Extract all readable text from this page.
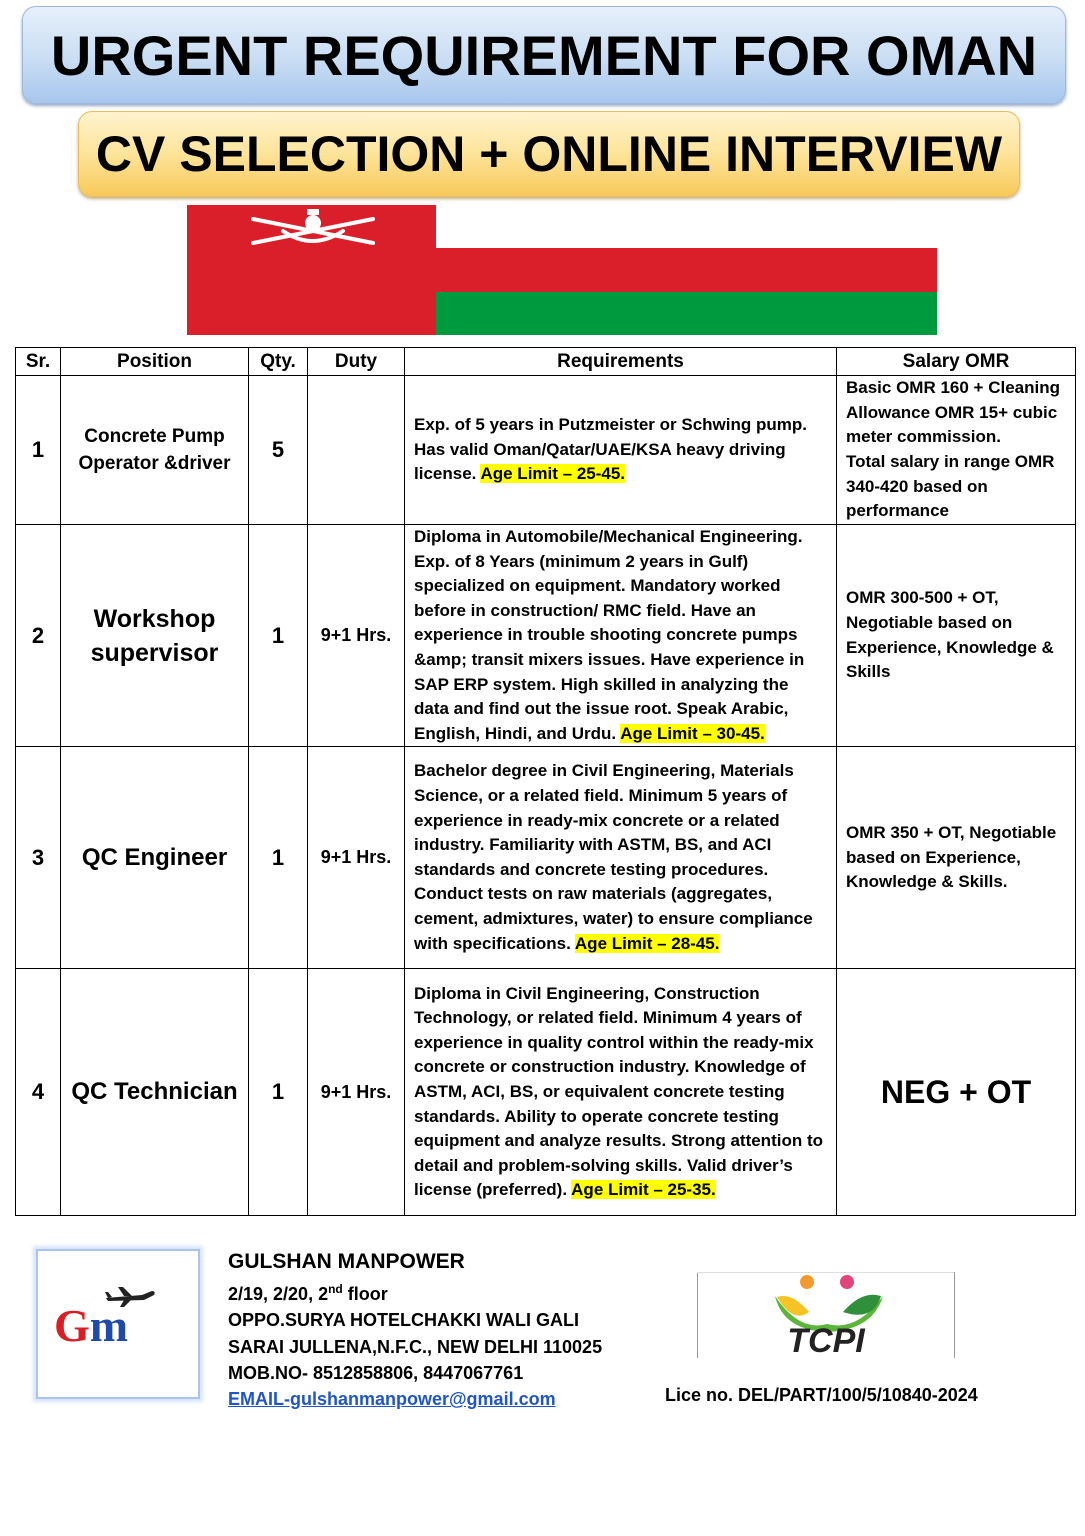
URGENT REQUIREMENT FOR OMAN
CV SELECTION + ONLINE INTERVIEW
Sr.	Position	Qty.	Duty	Requirements	Salary OMR
1	Concrete Pump Operator &driver	5		Exp. of 5 years in Putzmeister or Schwing pump. Has valid Oman/Qatar/UAE/KSA heavy driving license. Age Limit – 25-45.	Basic OMR 160 + Cleaning Allowance OMR 15+ cubic meter commission.
Total salary in range OMR 340-420 based on performance

2	Workshop supervisor	1	9+1 Hrs.	Diploma in Automobile/Mechanical Engineering. Exp. of 8 Years (minimum 2 years in Gulf) specialized on equipment. Mandatory worked before in construction/ RMC field. Have an experience in trouble shooting concrete pumps &amp; transit mixers issues. Have experience in SAP ERP system. High skilled in analyzing the data and find out the issue root. Speak Arabic, English, Hindi, and Urdu. Age Limit – 30-45.	OMR 300-500 + OT, Negotiable based on Experience, Knowledge & Skills
3	QC Engineer	1	9+1 Hrs.	Bachelor degree in Civil Engineering, Materials Science, or a related field. Minimum 5 years of experience in ready-mix concrete or a related industry. Familiarity with ASTM, BS, and ACI standards and concrete testing procedures. Conduct tests on raw materials (aggregates, cement, admixtures, water) to ensure compliance with specifications. Age Limit – 28-45.	OMR 350 + OT, Negotiable based on Experience, Knowledge & Skills.
4	QC Technician	1	9+1 Hrs.	Diploma in Civil Engineering, Construction Technology, or related field. Minimum 4 years of experience in quality control within the ready-mix concrete or construction industry. Knowledge of ASTM, ACI, BS, or equivalent concrete testing standards. Ability to operate concrete testing equipment and analyze results. Strong attention to detail and problem-solving skills. Valid driver’s license (preferred). Age Limit – 25-35.	NEG + OT
Gm
GULSHAN MANPOWER
2/19, 2/20, 2nd floor
OPPO.SURYA HOTELCHAKKI WALI GALI
SARAI JULLENA,N.F.C., NEW DELHI 110025
MOB.NO- 8512858806, 8447067761
EMAIL-gulshanmanpower@gmail.com
TCPI
Lice no. DEL/PART/100/5/10840-2024
